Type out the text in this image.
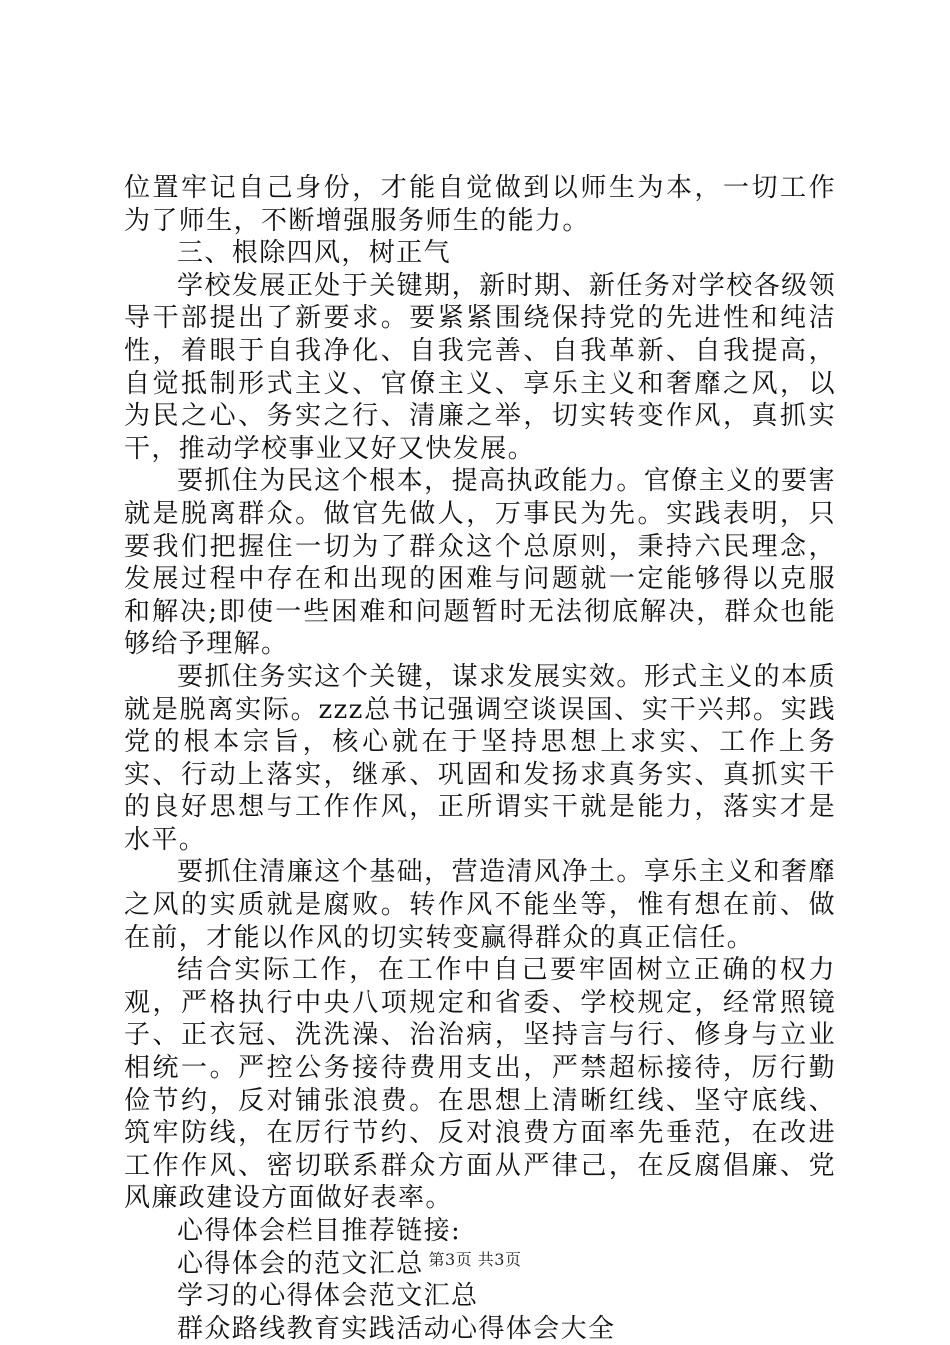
位置牢记自己身份，才能自觉做到以师生为本，一切工作为了师生，不断增强服务师生的能力。

三、根除四风，树正气

学校发展正处于关键期，新时期、新任务对学校各级领导干部提出了新要求。要紧紧围绕保持党的先进性和纯洁性，着眼于自我净化、自我完善、自我革新、自我提高，自觉抵制形式主义、官僚主义、享乐主义和奢靡之风，以为民之心、务实之行、清廉之举，切实转变作风，真抓实干，推动学校事业又好又快发展。

要抓住为民这个根本，提高执政能力。官僚主义的要害就是脱离群众。做官先做人，万事民为先。实践表明，只要我们把握住一切为了群众这个总原则，秉持六民理念，发展过程中存在和出现的困难与问题就一定能够得以克服和解决;即使一些困难和问题暂时无法彻底解决，群众也能够给予理解。

要抓住务实这个关键，谋求发展实效。形式主义的本质就是脱离实际。zzz总书记强调空谈误国、实干兴邦。实践党的根本宗旨，核心就在于坚持思想上求实、工作上务实、行动上落实，继承、巩固和发扬求真务实、真抓实干的良好思想与工作作风，正所谓实干就是能力，落实才是水平。

要抓住清廉这个基础，营造清风净土。享乐主义和奢靡之风的实质就是腐败。转作风不能坐等，惟有想在前、做在前，才能以作风的切实转变赢得群众的真正信任。

结合实际工作，在工作中自己要牢固树立正确的权力观，严格执行中央八项规定和省委、学校规定，经常照镜子、正衣冠、洗洗澡、治治病，坚持言与行、修身与立业相统一。严控公务接待费用支出，严禁超标接待，厉行勤俭节约，反对铺张浪费。在思想上清晰红线、坚守底线、筑牢防线，在厉行节约、反对浪费方面率先垂范，在改进工作作风、密切联系群众方面从严律己，在反腐倡廉、党风廉政建设方面做好表率。

心得体会栏目推荐链接:

心得体会的范文汇总

学习的心得体会范文汇总

群众路线教育实践活动心得体会大全

第3页 共3页
